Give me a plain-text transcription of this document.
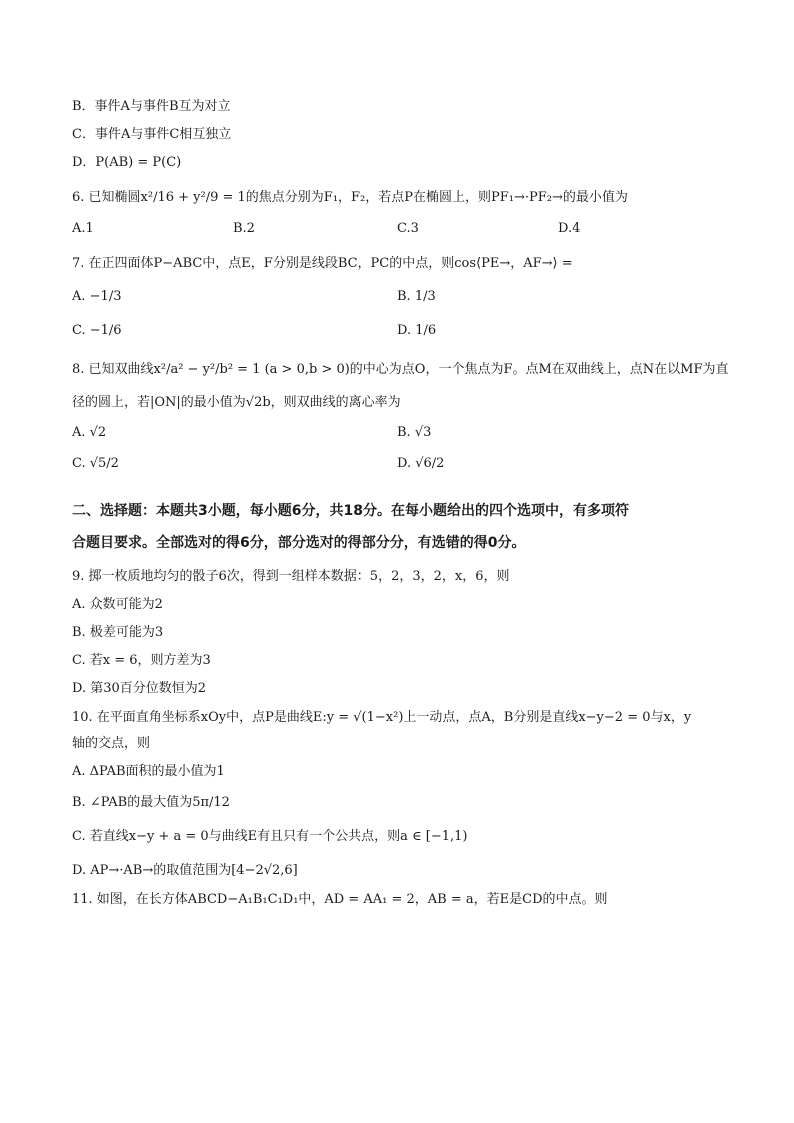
B．事件A与事件B互为对立
C．事件A与事件C相互独立
D．P(AB) = P(C)
6. 已知椭圆x²/16 + y²/9 = 1的焦点分别为F₁，F₂，若点P在椭圆上，则PF₁→·PF₂→的最小值为
A.1	B.2	C.3	D.4
7. 在正四面体P−ABC中，点E，F分别是线段BC，PC的中点，则cos⟨PE→，AF→⟩ =
A. −1/3	B. 1/3
C. −1/6	D. 1/6
8. 已知双曲线x²/a² − y²/b² = 1 (a > 0,b > 0)的中心为点O，一个焦点为F。点M在双曲线上，点N在以MF为直
径的圆上，若|ON|的最小值为√2b，则双曲线的离心率为
A. √2	B. √3
C. √5/2	D. √6/2
二、选择题：本题共3小题，每小题6分，共18分。在每小题给出的四个选项中，有多项符
合题目要求。全部选对的得6分，部分选对的得部分分，有选错的得0分。
9. 掷一枚质地均匀的骰子6次，得到一组样本数据：5，2，3，2，x，6，则
A. 众数可能为2
B. 极差可能为3
C. 若x = 6，则方差为3
D. 第30百分位数恒为2
10. 在平面直角坐标系xOy中，点P是曲线E:y = √(1−x²)上一动点，点A，B分别是直线x−y−2 = 0与x，y
轴的交点，则
A. ΔPAB面积的最小值为1
B. ∠PAB的最大值为5π/12
C. 若直线x−y + a = 0与曲线E有且只有一个公共点，则a ∈ [−1,1)
D. AP→·AB→的取值范围为[4−2√2,6]
11. 如图，在长方体ABCD−A₁B₁C₁D₁中，AD = AA₁ = 2，AB = a，若E是CD的中点。则
